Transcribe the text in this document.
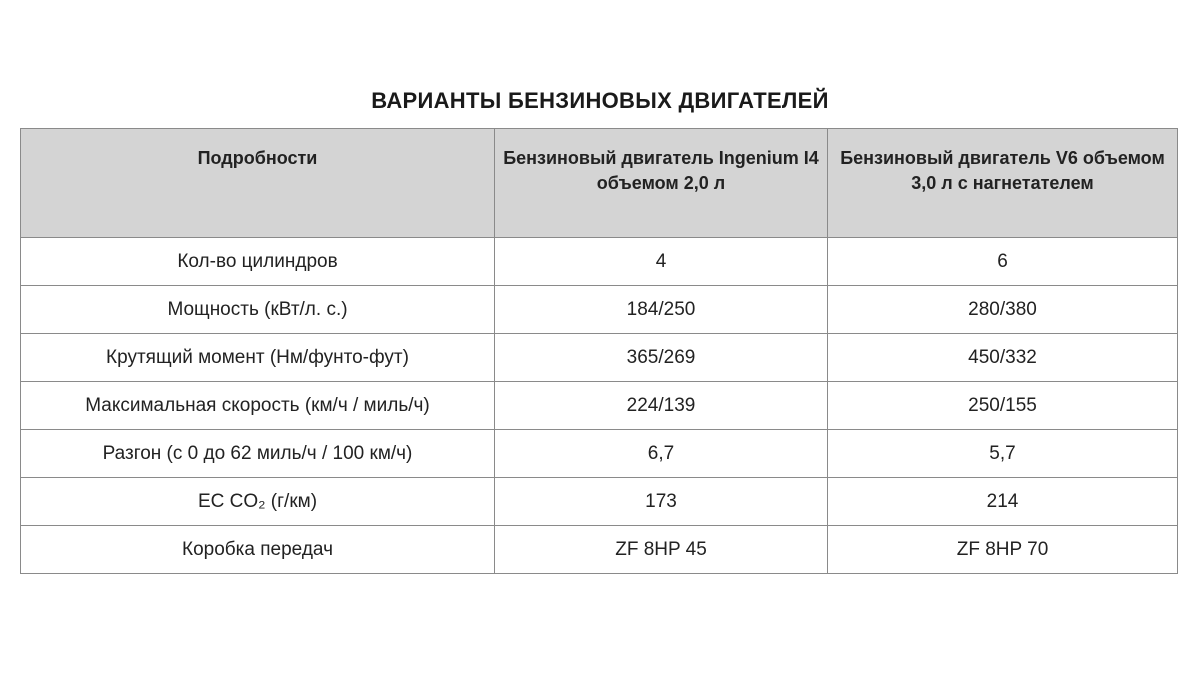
ВАРИАНТЫ БЕНЗИНОВЫХ ДВИГАТЕЛЕЙ
Подробности	Бензиновый двигатель Ingenium I4 объемом 2,0 л	Бензиновый двигатель V6 объемом 3,0 л с нагнетателем

Кол-во цилиндров	4	6
Мощность (кВт/л. с.)	184/250	280/380
Крутящий момент (Нм/фунто-фут)	365/269	450/332
Максимальная скорость (км/ч / миль/ч)	224/139	250/155
Разгон (с 0 до 62 миль/ч / 100 км/ч)	6,7	5,7
ЕС CO₂ (г/км)	173	214
Коробка передач	ZF 8HP 45	ZF 8HP 70
